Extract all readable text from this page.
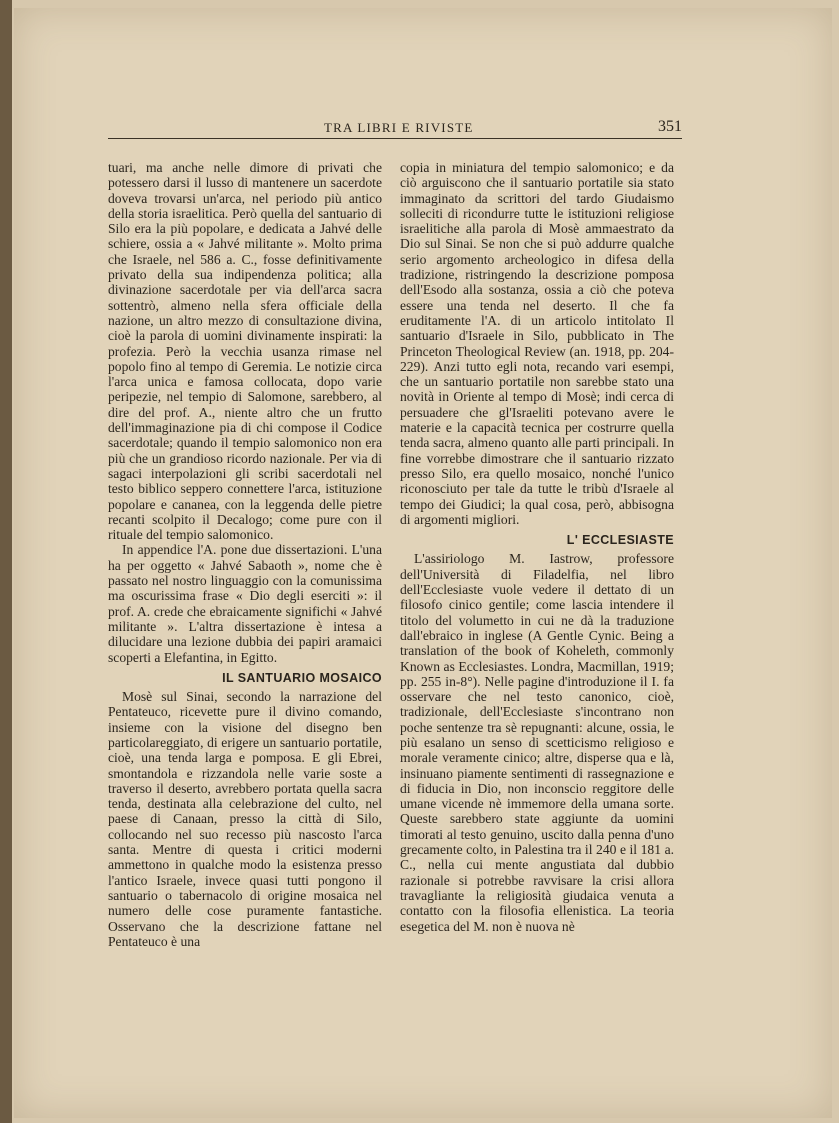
TRA LIBRI E RIVISTE	351

tuari, ma anche nelle dimore di privati che potessero darsi il lusso di mantenere un sacerdote doveva trovarsi un'arca, nel periodo più antico della storia israelitica. Però quella del santuario di Silo era la più popolare, e dedicata a Jahvé delle schiere, ossia a « Jahvé militante ». Molto prima che Israele, nel 586 a. C., fosse definitivamente privato della sua indipendenza politica; alla divinazione sacerdotale per via dell'arca sacra sottentrò, almeno nella sfera officiale della nazione, un altro mezzo di consultazione divina, cioè la parola di uomini divinamente inspirati: la profezia. Però la vecchia usanza rimase nel popolo fino al tempo di Geremia. Le notizie circa l'arca unica e famosa collocata, dopo varie peripezie, nel tempio di Salomone, sarebbero, al dire del prof. A., niente altro che un frutto dell'immaginazione pia di chi compose il Codice sacerdotale; quando il tempio salomonico non era più che un grandioso ricordo nazionale. Per via di sagaci interpolazioni gli scribi sacerdotali nel testo biblico seppero connettere l'arca, istituzione popolare e cananea, con la leggenda delle pietre recanti scolpito il Decalogo; come pure con il rituale del tempio salomonico.

In appendice l'A. pone due dissertazioni. L'una ha per oggetto « Jahvé Sabaoth », nome che è passato nel nostro linguaggio con la comunissima ma oscurissima frase « Dio degli eserciti »: il prof. A. crede che ebraicamente significhi « Jahvé militante ». L'altra dissertazione è intesa a dilucidare una lezione dubbia dei papiri aramaici scoperti a Elefantina, in Egitto.

IL SANTUARIO MOSAICO

Mosè sul Sinai, secondo la narrazione del Pentateuco, ricevette pure il divino comando, insieme con la visione del disegno ben particolareggiato, di erigere un santuario portatile, cioè, una tenda larga e pomposa. E gli Ebrei, smontandola e rizzandola nelle varie soste a traverso il deserto, avrebbero portata quella sacra tenda, destinata alla celebrazione del culto, nel paese di Canaan, presso la città di Silo, collocando nel suo recesso più nascosto l'arca santa. Mentre di questa i critici moderni ammettono in qualche modo la esistenza presso l'antico Israele, invece quasi tutti pongono il santuario o tabernacolo di origine mosaica nel numero delle cose puramente fantastiche. Osservano che la descrizione fattane nel Pentateuco è una

copia in miniatura del tempio salomonico; e da ciò arguiscono che il santuario portatile sia stato immaginato da scrittori del tardo Giudaismo solleciti di ricondurre tutte le istituzioni religiose israelitiche alla parola di Mosè ammaestrato da Dio sul Sinai. Se non che si può addurre qualche serio argomento archeologico in difesa della tradizione, ristringendo la descrizione pomposa dell'Esodo alla sostanza, ossia a ciò che poteva essere una tenda nel deserto. Il che fa eruditamente l'A. di un articolo intitolato Il santuario d'Israele in Silo, pubblicato in The Princeton Theological Review (an. 1918, pp. 204-229). Anzi tutto egli nota, recando vari esempi, che un santuario portatile non sarebbe stato una novità in Oriente al tempo di Mosè; indi cerca di persuadere che gl'Israeliti potevano avere le materie e la capacità tecnica per costrurre quella tenda sacra, almeno quanto alle parti principali. In fine vorrebbe dimostrare che il santuario rizzato presso Silo, era quello mosaico, nonché l'unico riconosciuto per tale da tutte le tribù d'Israele al tempo dei Giudici; la qual cosa, però, abbisogna di argomenti migliori.

L' ECCLESIASTE

L'assiriologo M. Iastrow, professore dell'Università di Filadelfia, nel libro dell'Ecclesiaste vuole vedere il dettato di un filosofo cinico gentile; come lascia intendere il titolo del volumetto in cui ne dà la traduzione dall'ebraico in inglese (A Gentle Cynic. Being a translation of the book of Koheleth, commonly Known as Ecclesiastes. Londra, Macmillan, 1919; pp. 255 in-8°). Nelle pagine d'introduzione il I. fa osservare che nel testo canonico, cioè, tradizionale, dell'Ecclesiaste s'incontrano non poche sentenze tra sè repugnanti: alcune, ossia, le più esalano un senso di scetticismo religioso e morale veramente cinico; altre, disperse qua e là, insinuano piamente sentimenti di rassegnazione e di fiducia in Dio, non inconscio reggitore delle umane vicende nè immemore della umana sorte. Queste sarebbero state aggiunte da uomini timorati al testo genuino, uscito dalla penna d'uno grecamente colto, in Palestina tra il 240 e il 181 a. C., nella cui mente angustiata dal dubbio razionale si potrebbe ravvisare la crisi allora travagliante la religiosità giudaica venuta a contatto con la filosofia ellenistica. La teoria esegetica del M. non è nuova nè
